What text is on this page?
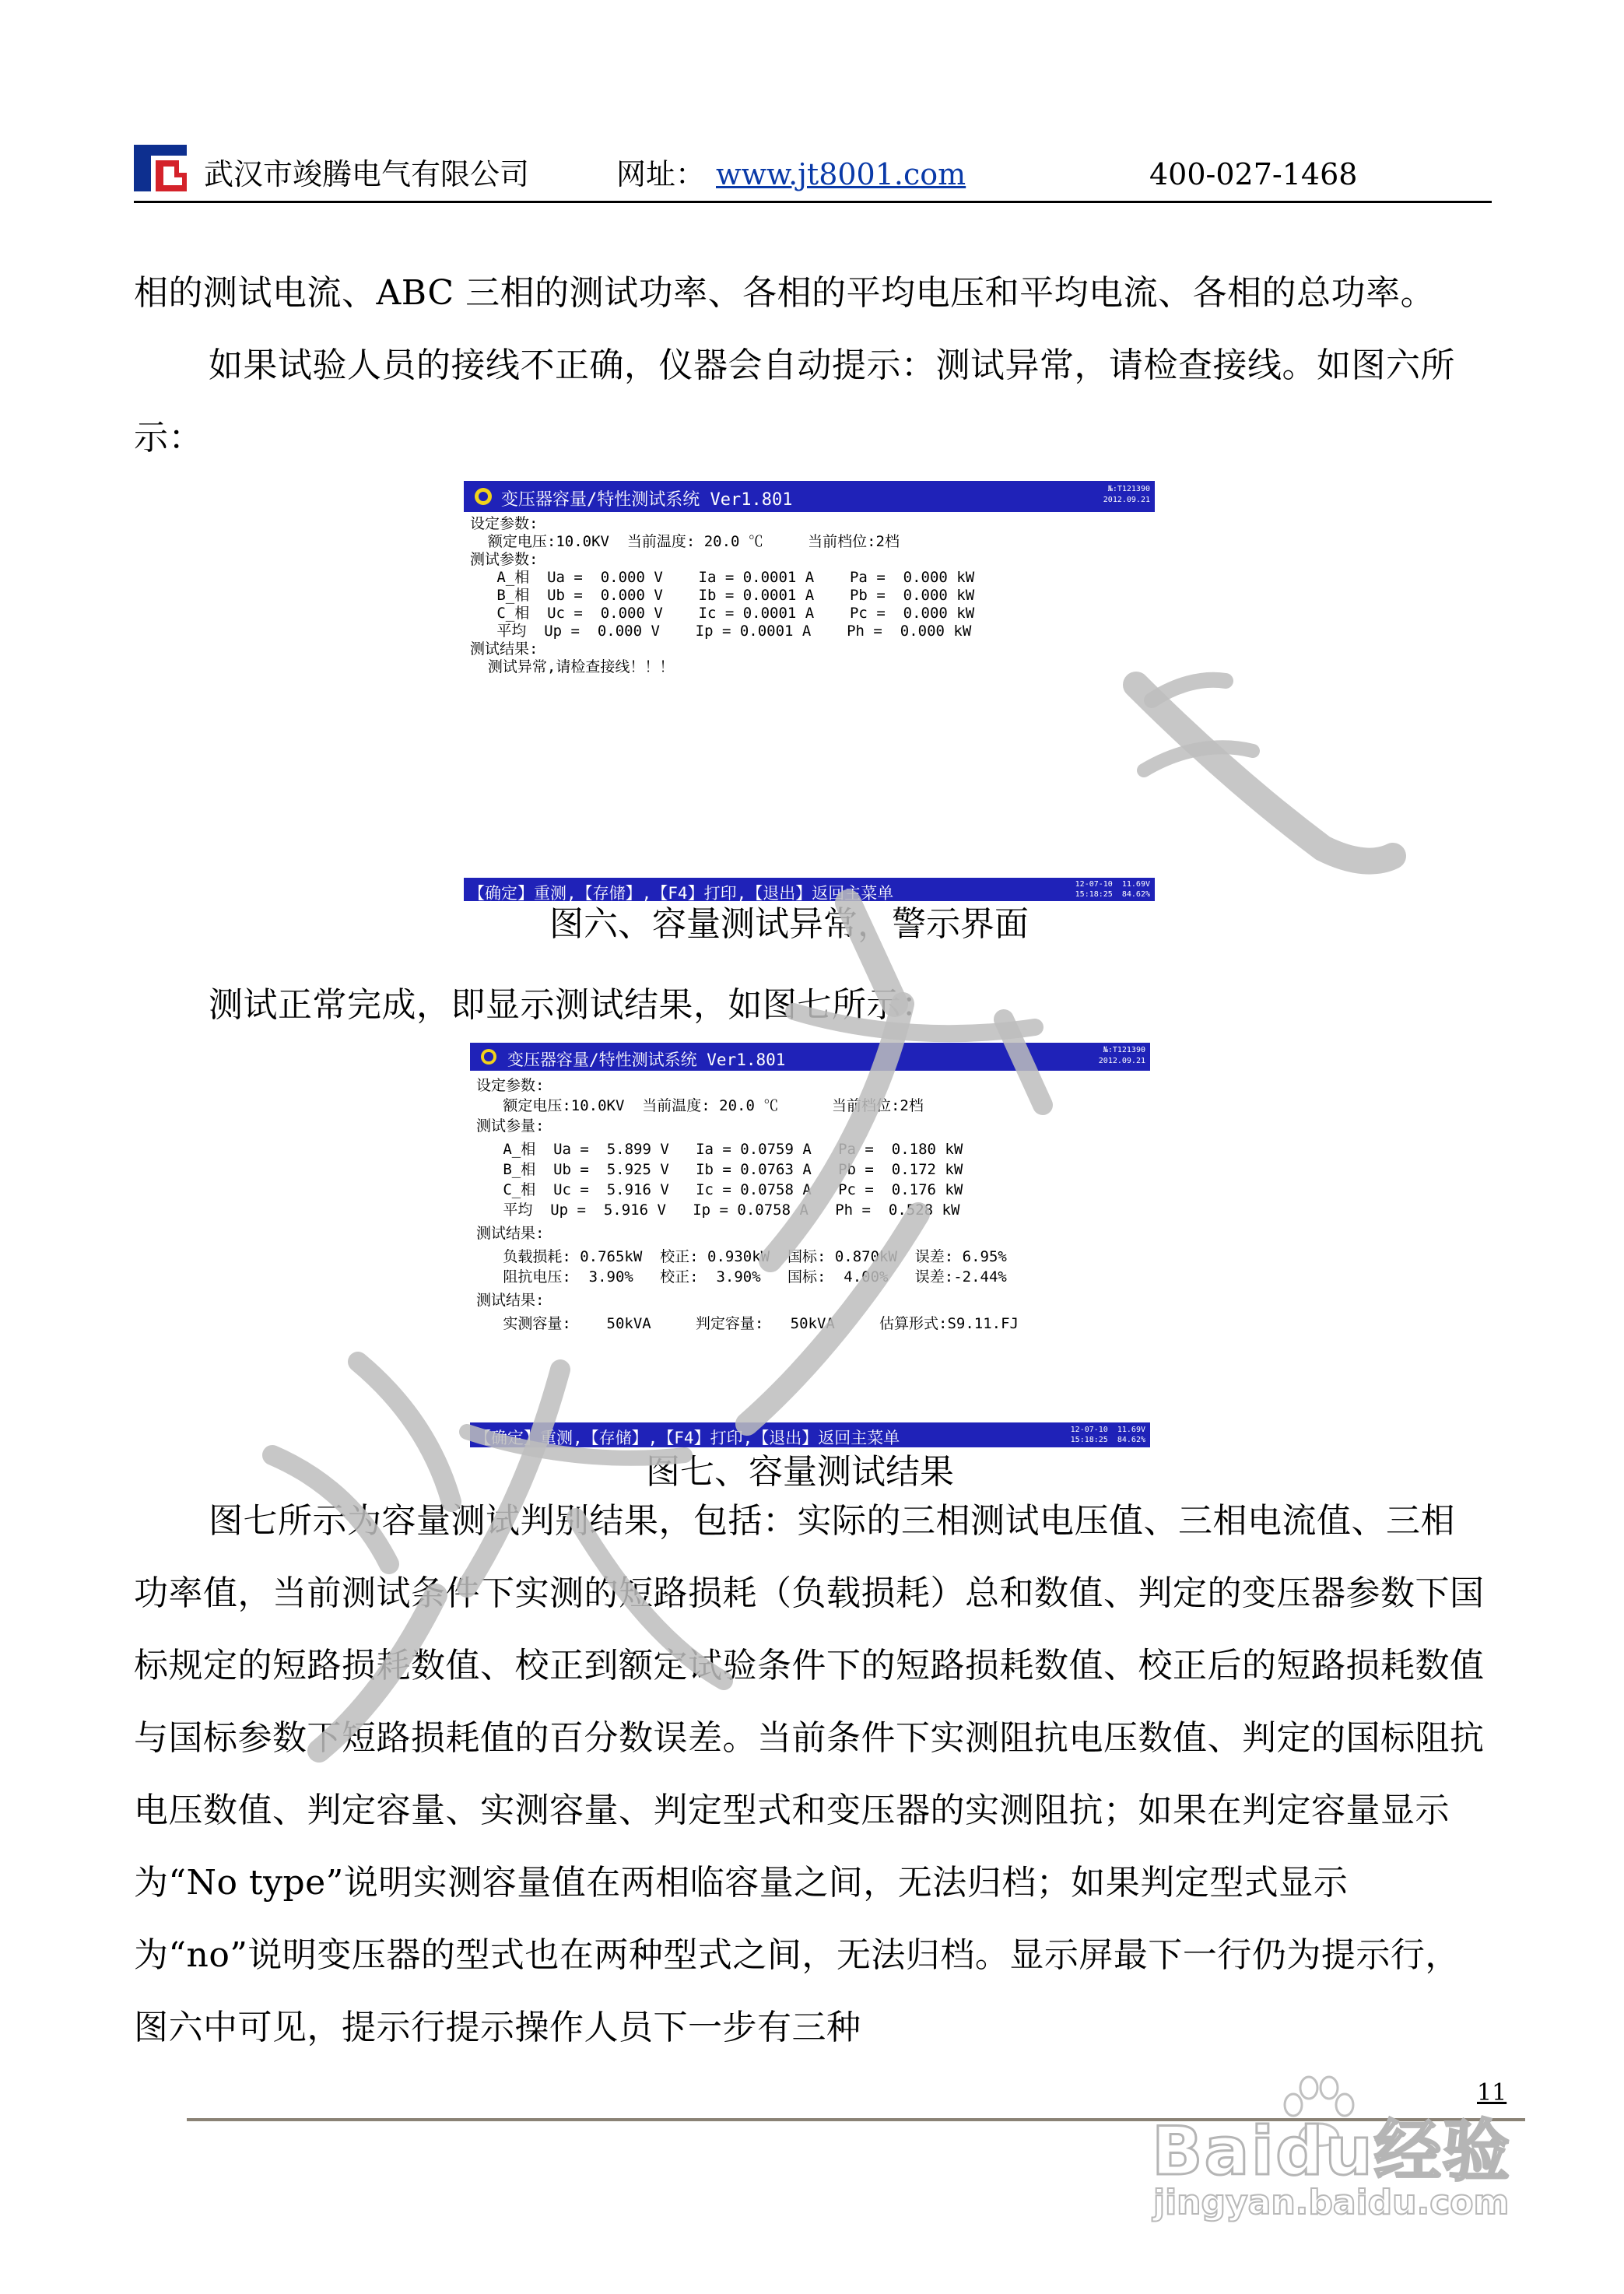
武汉市竣腾电气有限公司	网址： www.jt8001.com	400-027-1468

相的测试电流、ABC 三相的测试功率、各相的平均电压和平均电流、各相的总功率。

如果试验人员的接线不正确，仪器会自动提示：测试异常，请检查接线。如图六所示：

变压器容量/特性测试系统 Ver1.801
№:T121390
2012.09.21
设定参数:
额定电压:10.0KV  当前温度: 20.0 ℃     当前档位:2档
测试参数:
A_相  Ua =  0.000 V    Ia = 0.0001 A    Pa =  0.000 kW
B_相  Ub =  0.000 V    Ib = 0.0001 A    Pb =  0.000 kW
C_相  Uc =  0.000 V    Ic = 0.0001 A    Pc =  0.000 kW
平均  Up =  0.000 V    Ip = 0.0001 A    Ph =  0.000 kW
测试结果:
测试异常,请检查接线！！！
【确定】重测,【存储】,【F4】打印,【退出】返回主菜单	12-07-10 11.69V
15:18:25 84.62%
图六、容量测试异常，警示界面

测试正常完成，即显示测试结果，如图七所示：

变压器容量/特性测试系统 Ver1.801
№:T121390
2012.09.21
设定参数:
额定电压:10.0KV  当前温度: 20.0 ℃      当前档位:2档
测试参量:
A_相  Ua =  5.899 V   Ia = 0.0759 A   Pa =  0.180 kW
B_相  Ub =  5.925 V   Ib = 0.0763 A   Pb =  0.172 kW
C_相  Uc =  5.916 V   Ic = 0.0758 A   Pc =  0.176 kW
平均  Up =  5.916 V   Ip = 0.0758 A   Ph =  0.528 kW
测试结果:
负载损耗: 0.765kW  校正: 0.930kW  国标: 0.870kW  误差: 6.95%
阻抗电压:  3.90%   校正:  3.90%   国标:  4.00%   误差:-2.44%
测试结果:
实测容量:    50kVA     判定容量:   50kVA     估算形式:S9.11.FJ
【确定】重测,【存储】,【F4】打印,【退出】返回主菜单	12-07-10 11.69V
15:18:25 84.62%
图七、容量测试结果

图七所示为容量测试判别结果，包括：实际的三相测试电压值、三相电流值、三相功率值，当前测试条件下实测的短路损耗（负载损耗）总和数值、判定的变压器参数下国标规定的短路损耗数值、校正到额定试验条件下的短路损耗数值、校正后的短路损耗数值与国标参数下短路损耗值的百分数误差。当前条件下实测阻抗电压数值、判定的国标阻抗电压数值、判定容量、实测容量、判定型式和变压器的实测阻抗；如果在判定容量显示为“No type”说明实测容量值在两相临容量之间，无法归档；如果判定型式显示为“no”说明变压器的型式也在两种型式之间，无法归档。显示屏最下一行仍为提示行，图六中可见，提示行提示操作人员下一步有三种

11
Baidu经验
jingyan.baidu.com
